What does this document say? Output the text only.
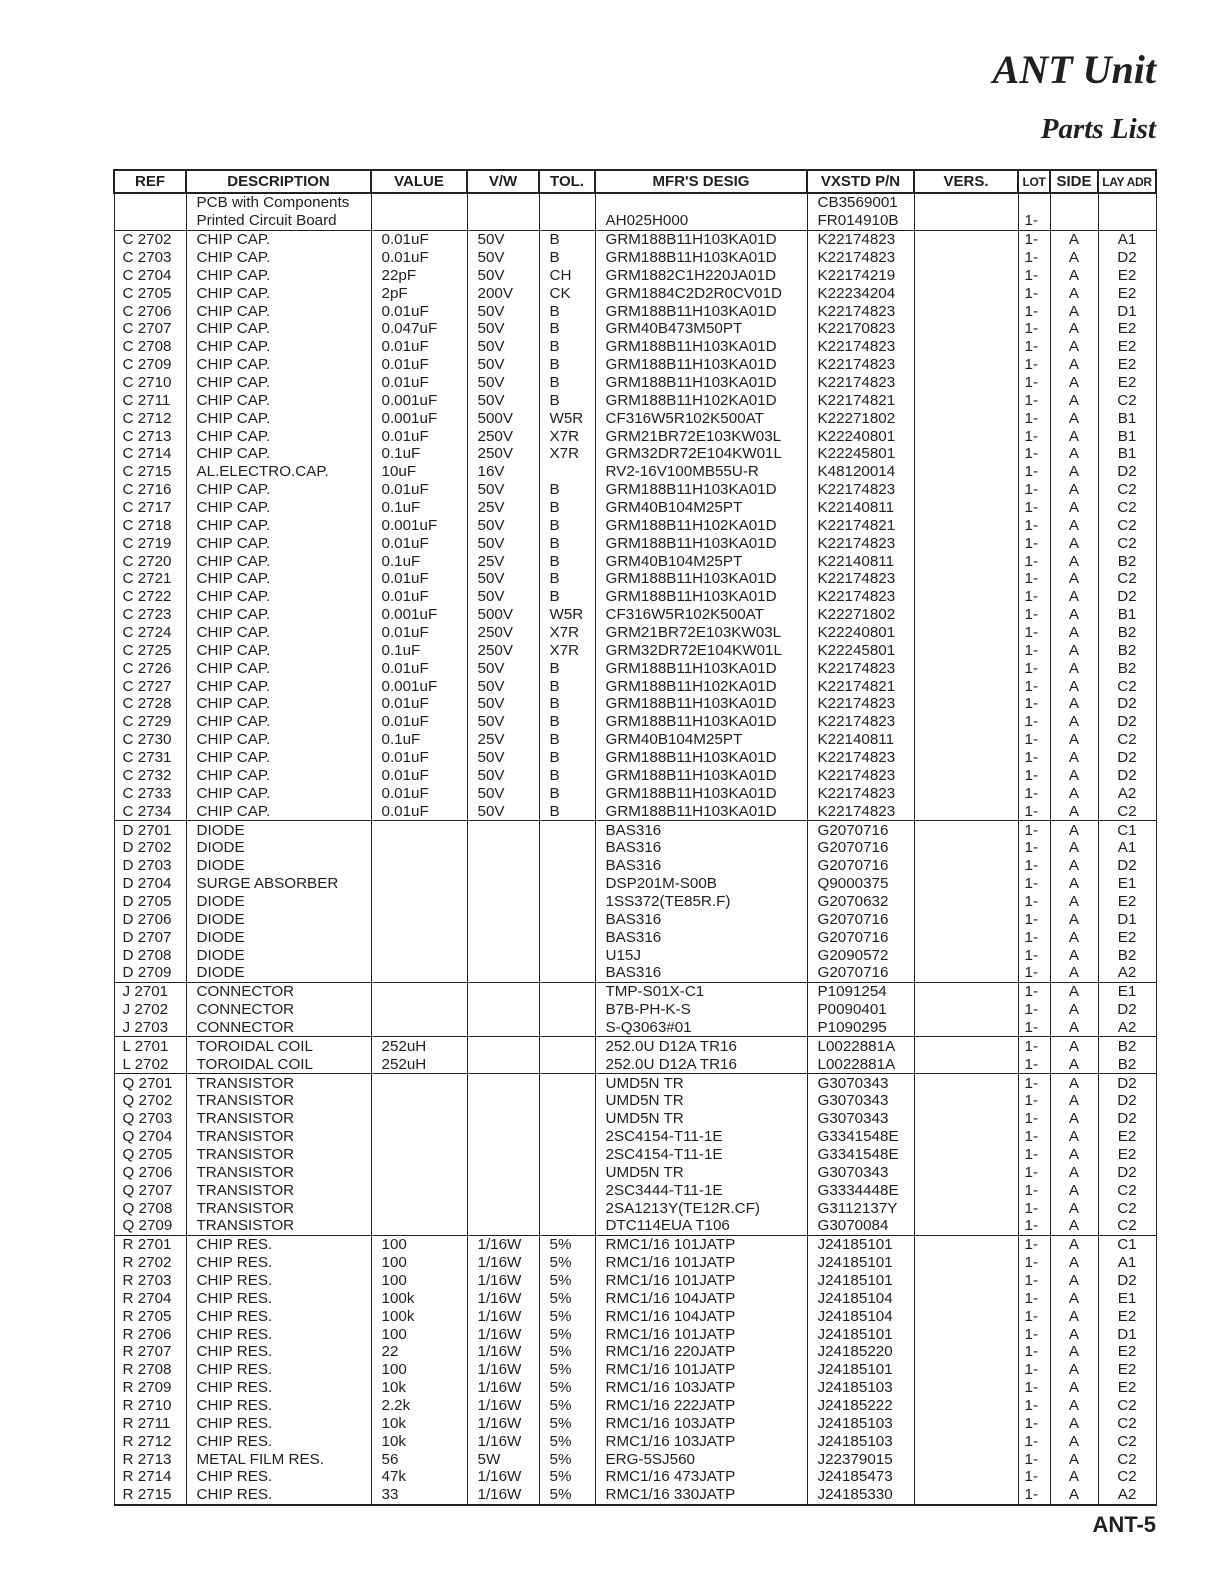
ANT Unit
Parts List
REF	DESCRIPTION	VALUE	V/W	TOL.	MFR'S DESIG	VXSTD P/N	VERS.	LOT	SIDE	LAY ADR
	PCB with Components					CB3569001				
	Printed Circuit Board				AH025H000	FR014910B		1-		
C 2702	CHIP CAP.	0.01uF	50V	B	GRM188B11H103KA01D	K22174823		1-	A	A1
C 2703	CHIP CAP.	0.01uF	50V	B	GRM188B11H103KA01D	K22174823		1-	A	D2
C 2704	CHIP CAP.	22pF	50V	CH	GRM1882C1H220JA01D	K22174219		1-	A	E2
C 2705	CHIP CAP.	2pF	200V	CK	GRM1884C2D2R0CV01D	K22234204		1-	A	E2
C 2706	CHIP CAP.	0.01uF	50V	B	GRM188B11H103KA01D	K22174823		1-	A	D1
C 2707	CHIP CAP.	0.047uF	50V	B	GRM40B473M50PT	K22170823		1-	A	E2
C 2708	CHIP CAP.	0.01uF	50V	B	GRM188B11H103KA01D	K22174823		1-	A	E2
C 2709	CHIP CAP.	0.01uF	50V	B	GRM188B11H103KA01D	K22174823		1-	A	E2
C 2710	CHIP CAP.	0.01uF	50V	B	GRM188B11H103KA01D	K22174823		1-	A	E2
C 2711	CHIP CAP.	0.001uF	50V	B	GRM188B11H102KA01D	K22174821		1-	A	C2
C 2712	CHIP CAP.	0.001uF	500V	W5R	CF316W5R102K500AT	K22271802		1-	A	B1
C 2713	CHIP CAP.	0.01uF	250V	X7R	GRM21BR72E103KW03L	K22240801		1-	A	B1
C 2714	CHIP CAP.	0.1uF	250V	X7R	GRM32DR72E104KW01L	K22245801		1-	A	B1
C 2715	AL.ELECTRO.CAP.	10uF	16V		RV2-16V100MB55U-R	K48120014		1-	A	D2
C 2716	CHIP CAP.	0.01uF	50V	B	GRM188B11H103KA01D	K22174823		1-	A	C2
C 2717	CHIP CAP.	0.1uF	25V	B	GRM40B104M25PT	K22140811		1-	A	C2
C 2718	CHIP CAP.	0.001uF	50V	B	GRM188B11H102KA01D	K22174821		1-	A	C2
C 2719	CHIP CAP.	0.01uF	50V	B	GRM188B11H103KA01D	K22174823		1-	A	C2
C 2720	CHIP CAP.	0.1uF	25V	B	GRM40B104M25PT	K22140811		1-	A	B2
C 2721	CHIP CAP.	0.01uF	50V	B	GRM188B11H103KA01D	K22174823		1-	A	C2
C 2722	CHIP CAP.	0.01uF	50V	B	GRM188B11H103KA01D	K22174823		1-	A	D2
C 2723	CHIP CAP.	0.001uF	500V	W5R	CF316W5R102K500AT	K22271802		1-	A	B1
C 2724	CHIP CAP.	0.01uF	250V	X7R	GRM21BR72E103KW03L	K22240801		1-	A	B2
C 2725	CHIP CAP.	0.1uF	250V	X7R	GRM32DR72E104KW01L	K22245801		1-	A	B2
C 2726	CHIP CAP.	0.01uF	50V	B	GRM188B11H103KA01D	K22174823		1-	A	B2
C 2727	CHIP CAP.	0.001uF	50V	B	GRM188B11H102KA01D	K22174821		1-	A	C2
C 2728	CHIP CAP.	0.01uF	50V	B	GRM188B11H103KA01D	K22174823		1-	A	D2
C 2729	CHIP CAP.	0.01uF	50V	B	GRM188B11H103KA01D	K22174823		1-	A	D2
C 2730	CHIP CAP.	0.1uF	25V	B	GRM40B104M25PT	K22140811		1-	A	C2
C 2731	CHIP CAP.	0.01uF	50V	B	GRM188B11H103KA01D	K22174823		1-	A	D2
C 2732	CHIP CAP.	0.01uF	50V	B	GRM188B11H103KA01D	K22174823		1-	A	D2
C 2733	CHIP CAP.	0.01uF	50V	B	GRM188B11H103KA01D	K22174823		1-	A	A2
C 2734	CHIP CAP.	0.01uF	50V	B	GRM188B11H103KA01D	K22174823		1-	A	C2
D 2701	DIODE				BAS316	G2070716		1-	A	C1
D 2702	DIODE				BAS316	G2070716		1-	A	A1
D 2703	DIODE				BAS316	G2070716		1-	A	D2
D 2704	SURGE ABSORBER				DSP201M-S00B	Q9000375		1-	A	E1
D 2705	DIODE				1SS372(TE85R.F)	G2070632		1-	A	E2
D 2706	DIODE				BAS316	G2070716		1-	A	D1
D 2707	DIODE				BAS316	G2070716		1-	A	E2
D 2708	DIODE				U15J	G2090572		1-	A	B2
D 2709	DIODE				BAS316	G2070716		1-	A	A2
J 2701	CONNECTOR				TMP-S01X-C1	P1091254		1-	A	E1
J 2702	CONNECTOR				B7B-PH-K-S	P0090401		1-	A	D2
J 2703	CONNECTOR				S-Q3063#01	P1090295		1-	A	A2
L 2701	TOROIDAL COIL	252uH			252.0U D12A TR16	L0022881A		1-	A	B2
L 2702	TOROIDAL COIL	252uH			252.0U D12A TR16	L0022881A		1-	A	B2
Q 2701	TRANSISTOR				UMD5N TR	G3070343		1-	A	D2
Q 2702	TRANSISTOR				UMD5N TR	G3070343		1-	A	D2
Q 2703	TRANSISTOR				UMD5N TR	G3070343		1-	A	D2
Q 2704	TRANSISTOR				2SC4154-T11-1E	G3341548E		1-	A	E2
Q 2705	TRANSISTOR				2SC4154-T11-1E	G3341548E		1-	A	E2
Q 2706	TRANSISTOR				UMD5N TR	G3070343		1-	A	D2
Q 2707	TRANSISTOR				2SC3444-T11-1E	G3334448E		1-	A	C2
Q 2708	TRANSISTOR				2SA1213Y(TE12R.CF)	G3112137Y		1-	A	C2
Q 2709	TRANSISTOR				DTC114EUA T106	G3070084		1-	A	C2
R 2701	CHIP RES.	100	1/16W	5%	RMC1/16 101JATP	J24185101		1-	A	C1
R 2702	CHIP RES.	100	1/16W	5%	RMC1/16 101JATP	J24185101		1-	A	A1
R 2703	CHIP RES.	100	1/16W	5%	RMC1/16 101JATP	J24185101		1-	A	D2
R 2704	CHIP RES.	100k	1/16W	5%	RMC1/16 104JATP	J24185104		1-	A	E1
R 2705	CHIP RES.	100k	1/16W	5%	RMC1/16 104JATP	J24185104		1-	A	E2
R 2706	CHIP RES.	100	1/16W	5%	RMC1/16 101JATP	J24185101		1-	A	D1
R 2707	CHIP RES.	22	1/16W	5%	RMC1/16 220JATP	J24185220		1-	A	E2
R 2708	CHIP RES.	100	1/16W	5%	RMC1/16 101JATP	J24185101		1-	A	E2
R 2709	CHIP RES.	10k	1/16W	5%	RMC1/16 103JATP	J24185103		1-	A	E2
R 2710	CHIP RES.	2.2k	1/16W	5%	RMC1/16 222JATP	J24185222		1-	A	C2
R 2711	CHIP RES.	10k	1/16W	5%	RMC1/16 103JATP	J24185103		1-	A	C2
R 2712	CHIP RES.	10k	1/16W	5%	RMC1/16 103JATP	J24185103		1-	A	C2
R 2713	METAL FILM RES.	56	5W	5%	ERG-5SJ560	J22379015		1-	A	C2
R 2714	CHIP RES.	47k	1/16W	5%	RMC1/16 473JATP	J24185473		1-	A	C2
R 2715	CHIP RES.	33	1/16W	5%	RMC1/16 330JATP	J24185330		1-	A	A2
ANT-5
